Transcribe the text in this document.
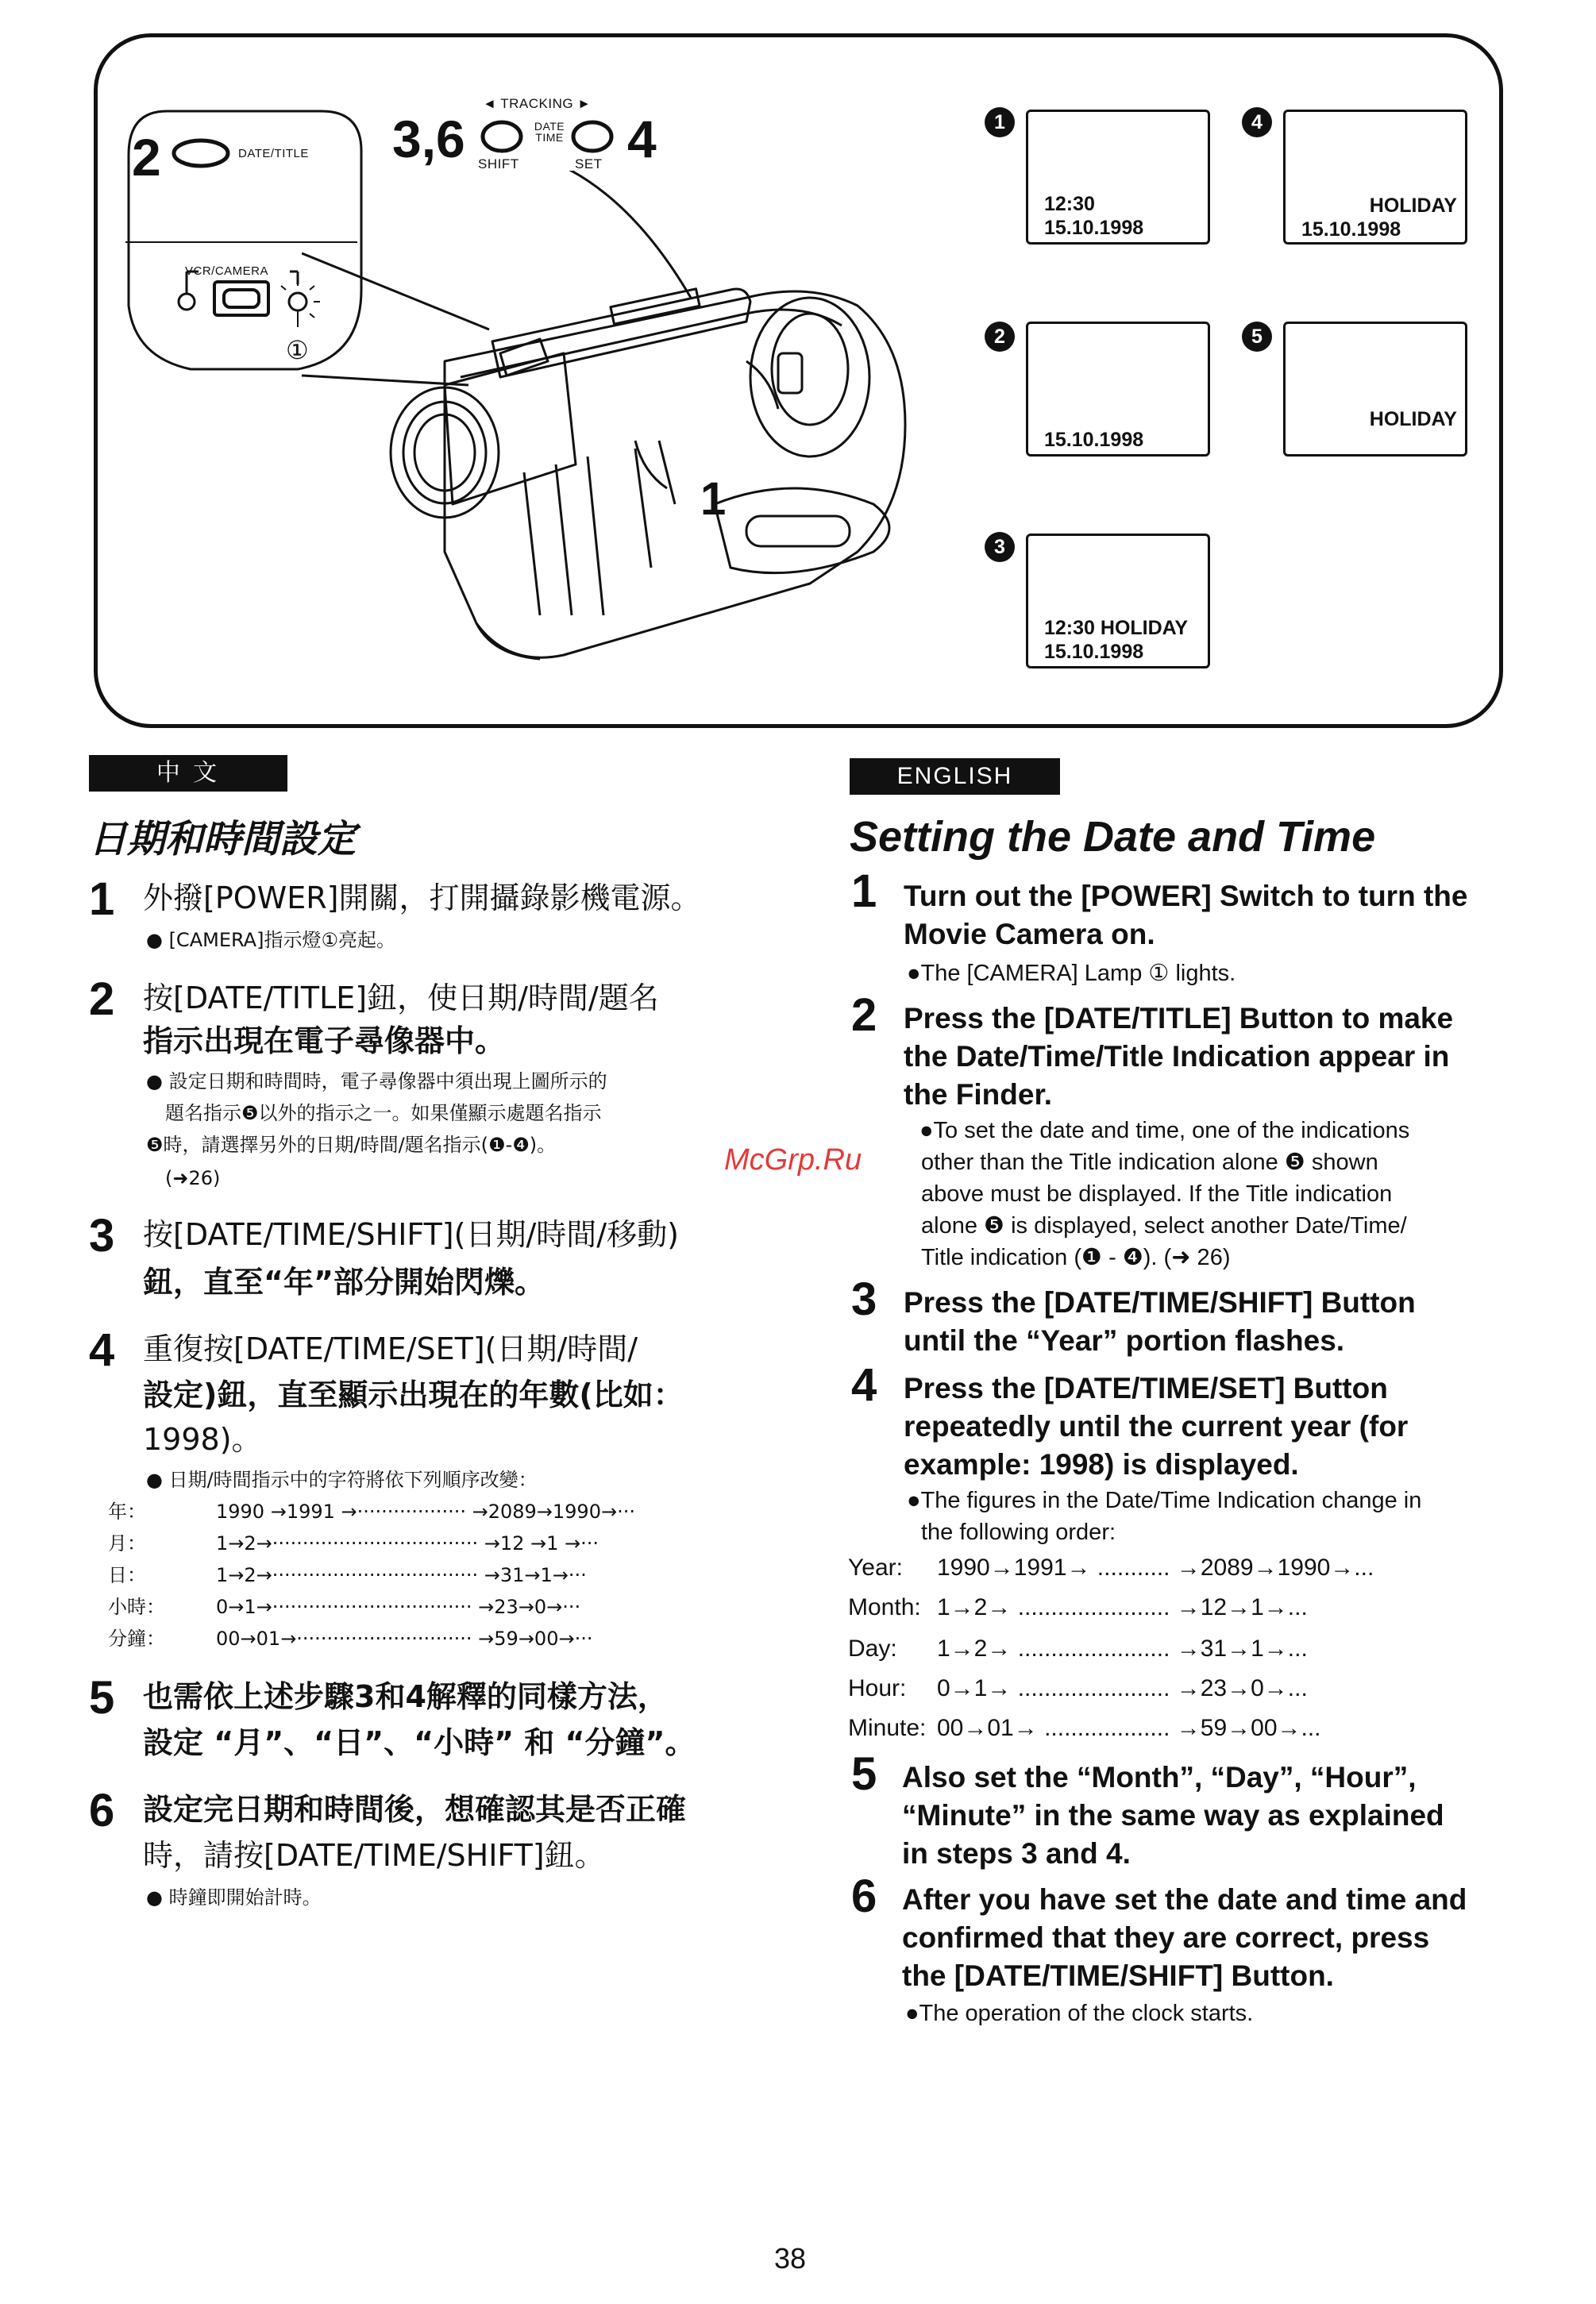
2	DATE/TITLE
VCR/CAMERA
①
3,6	4
◄ TRACKING ►
DATE TIME
SHIFT	SET
1
1
12:30
15.10.1998
2
15.10.1998
3
12:30 HOLIDAY
15.10.1998
4
HOLIDAY
15.10.1998
5
HOLIDAY
中 文
日期和時間設定
1 外撥[POWER]開關，打開攝錄影機電源。
● [CAMERA]指示燈①亮起。
2 按[DATE/TITLE]鈕，使日期/時間/題名
指示出現在電子尋像器中。
● 設定日期和時間時，電子尋像器中須出現上圖所示的
題名指示❺以外的指示之一。如果僅顯示處題名指示
❺時，請選擇另外的日期/時間/題名指示(❶-❹)。
(➜26)
3 按[DATE/TIME/SHIFT](日期/時間/移動)
鈕，直至“年”部分開始閃爍。
4 重復按[DATE/TIME/SET](日期/時間/
設定)鈕，直至顯示出現在的年數(比如：
1998)。
● 日期/時間指示中的字符將依下列順序改變：
年：	1990 →1991 →·················· →2089→1990→···
月：	1→2→·································· →12 →1 →···
日：	1→2→·································· →31→1→···
小時：	0→1→································· →23→0→···
分鐘：	00→01→····························· →59→00→···
5 也需依上述步驟3和4解釋的同樣方法，
設定 “月”、“日”、“小時” 和 “分鐘”。
6 設定完日期和時間後，想確認其是否正確
時，請按[DATE/TIME/SHIFT]鈕。
● 時鐘即開始計時。
McGrp.Ru
ENGLISH
Setting the Date and Time
1 Turn out the [POWER] Switch to turn the
Movie Camera on.
●The [CAMERA] Lamp ① lights.
2 Press the [DATE/TITLE] Button to make
the Date/Time/Title Indication appear in
the Finder.
●To set the date and time, one of the indications
other than the Title indication alone ❺ shown
above must be displayed. If the Title indication
alone ❺ is displayed, select another Date/Time/
Title indication (❶ - ❹). (➜ 26)
3 Press the [DATE/TIME/SHIFT] Button
until the “Year” portion flashes.
4 Press the [DATE/TIME/SET] Button
repeatedly until the current year (for
example: 1998) is displayed.
●The figures in the Date/Time Indication change in
the following order:
Year: 1990→1991→ ........... →2089→1990→...
Month: 1→2→ ....................... →12→1→...
Day: 1→2→ ....................... →31→1→...
Hour: 0→1→ ....................... →23→0→...
Minute: 00→01→ ................... →59→00→...
5 Also set the “Month”, “Day”, “Hour”,
“Minute” in the same way as explained
in steps 3 and 4.
6 After you have set the date and time and
confirmed that they are correct, press
the [DATE/TIME/SHIFT] Button.
●The operation of the clock starts.
38
